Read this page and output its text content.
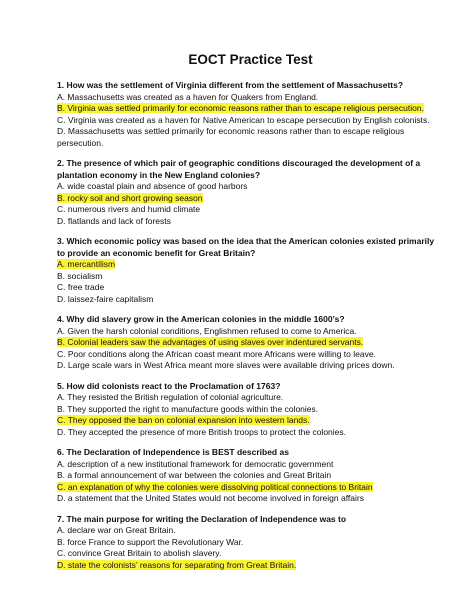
EOCT Practice Test

1. How was the settlement of Virginia different from the settlement of Massachusetts?

A. Massachusetts was created as a haven for Quakers from England.

B. Virginia was settled primarily for economic reasons rather than to escape religious persecution.

C. Virginia was created as a haven for Native American to escape persecution by English colonists.

D. Massachusetts was settled primarily for economic reasons rather than to escape religious persecution.

2. The presence of which pair of geographic conditions discouraged the development of a plantation economy in the New England colonies?

A. wide coastal plain and absence of good harbors

B. rocky soil and short growing season

C. numerous rivers and humid climate

D. flatlands and lack of forests

3. Which economic policy was based on the idea that the American colonies existed primarily to provide an economic benefit for Great Britain?

A. mercantilism

B. socialism

C. free trade

D. laissez-faire capitalism

4. Why did slavery grow in the American colonies in the middle 1600’s?

A. Given the harsh colonial conditions, Englishmen refused to come to America.

B. Colonial leaders saw the advantages of using slaves over indentured servants.

C. Poor conditions along the African coast meant more Africans were willing to leave.

D. Large scale wars in West Africa meant more slaves were available driving prices down.

5. How did colonists react to the Proclamation of 1763?

A. They resisted the British regulation of colonial agriculture.

B. They supported the right to manufacture goods within the colonies.

C. They opposed the ban on colonial expansion into western lands.

D. They accepted the presence of more British troops to protect the colonies.

6. The Declaration of Independence is BEST described as

A. description of a new institutional framework for democratic government

B. a formal announcement of war between the colonies and Great Britain

C. an explanation of why the colonies were dissolving political connections to Britain

D. a statement that the United States would not become involved in foreign affairs

7. The main purpose for writing the Declaration of Independence was to

A. declare war on Great Britain.

B. force France to support the Revolutionary War.

C. convince Great Britain to abolish slavery.

D. state the colonists’ reasons for separating from Great Britain.
